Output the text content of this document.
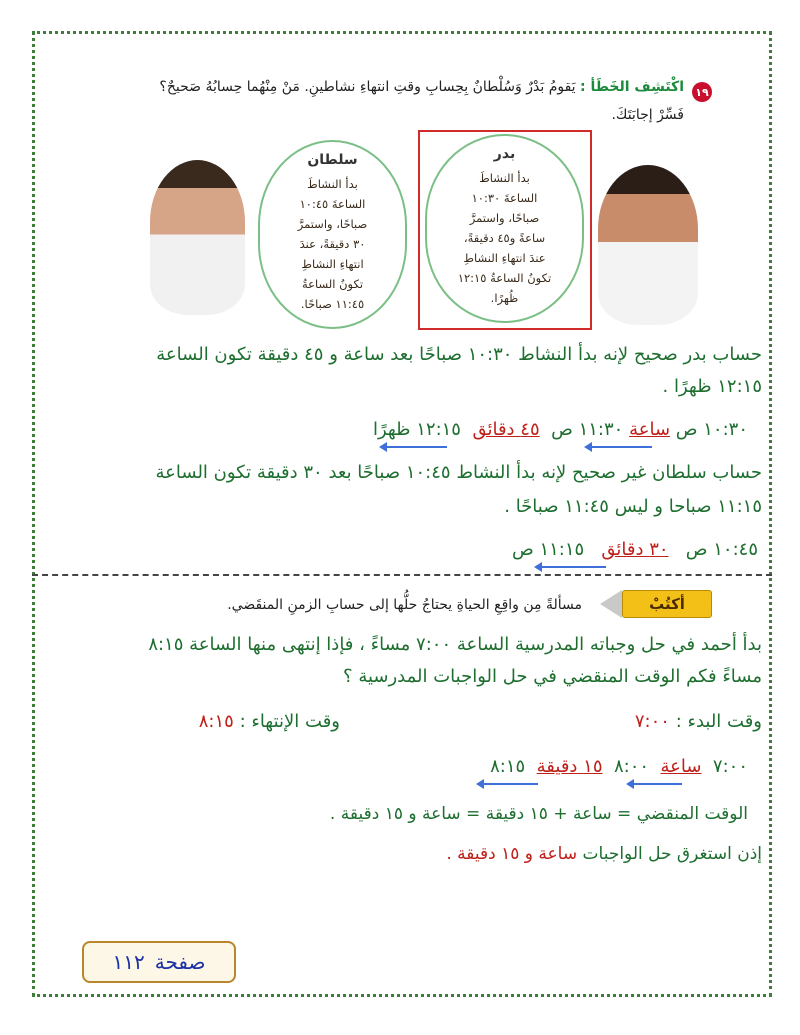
١٩
اكْتَشِف الخَطَأ : يَقومُ بَدْرٌ وَسُلْطانٌ بِحِسابِ وقتِ انتهاءِ نشاطينِ. مَنْ مِنْهُما حِسابُهُ صَحيحٌ؟
فَسِّرْ إجابَتَكَ.
سلطان
بدأ النشاطَ
الساعةَ ١٠:٤٥
صباحًا، واستمرَّ
٣٠ دقيقةً، عندَ
انتهاءِ النشاطِ
تكونُ الساعةُ
١١:٤٥ صباحًا.
بدر
بدأ النشاطَ
الساعةَ ١٠:٣٠
صباحًا، واستمرَّ
ساعةً و٤٥ دقيقةً،
عندَ انتهاءِ النشاطِ
تكونُ الساعةُ ١٢:١٥
ظُهرًا.
حساب بدر صحيح لإنه بدأ النشاط ١٠:٣٠ صباحًا بعد ساعة و ٤٥ دقيقة تكون الساعة
١٢:١٥ ظهرًا .
١٠:٣٠ ص ساعة ١١:٣٠ ص  ٤٥ دقائق  ١٢:١٥ ظهرًا
حساب سلطان غير صحيح لإنه بدأ النشاط ١٠:٤٥ صباحًا بعد ٣٠ دقيقة تكون الساعة
١١:١٥ صباحا و ليس ١١:٤٥ صباحًا .
١٠:٤٥ ص   ٣٠ دقائق   ١١:١٥ ص
أكتُبْ
مسألةً مِن واقِعِ الحياةِ يحتاجُ حلُّها إلى حسابِ الزمنِ المنقَضي.
بدأ أحمد في حل وجباته المدرسية الساعة ٧:٠٠ مساءً ، فإذا إنتهى منها الساعة ٨:١٥
مساءً فكم الوقت المنقضي في حل الواجبات المدرسية ؟
وقت البدء : ٧:٠٠
وقت الإنتهاء : ٨:١٥
٧:٠٠  ساعة  ٨:٠٠  ١٥ دقيقة  ٨:١٥
الوقت المنقضي = ساعة + ١٥ دقيقة = ساعة و ١٥ دقيقة .
إذن استغرق حل الواجبات ساعة و ١٥ دقيقة .
صفحة
١١٢
